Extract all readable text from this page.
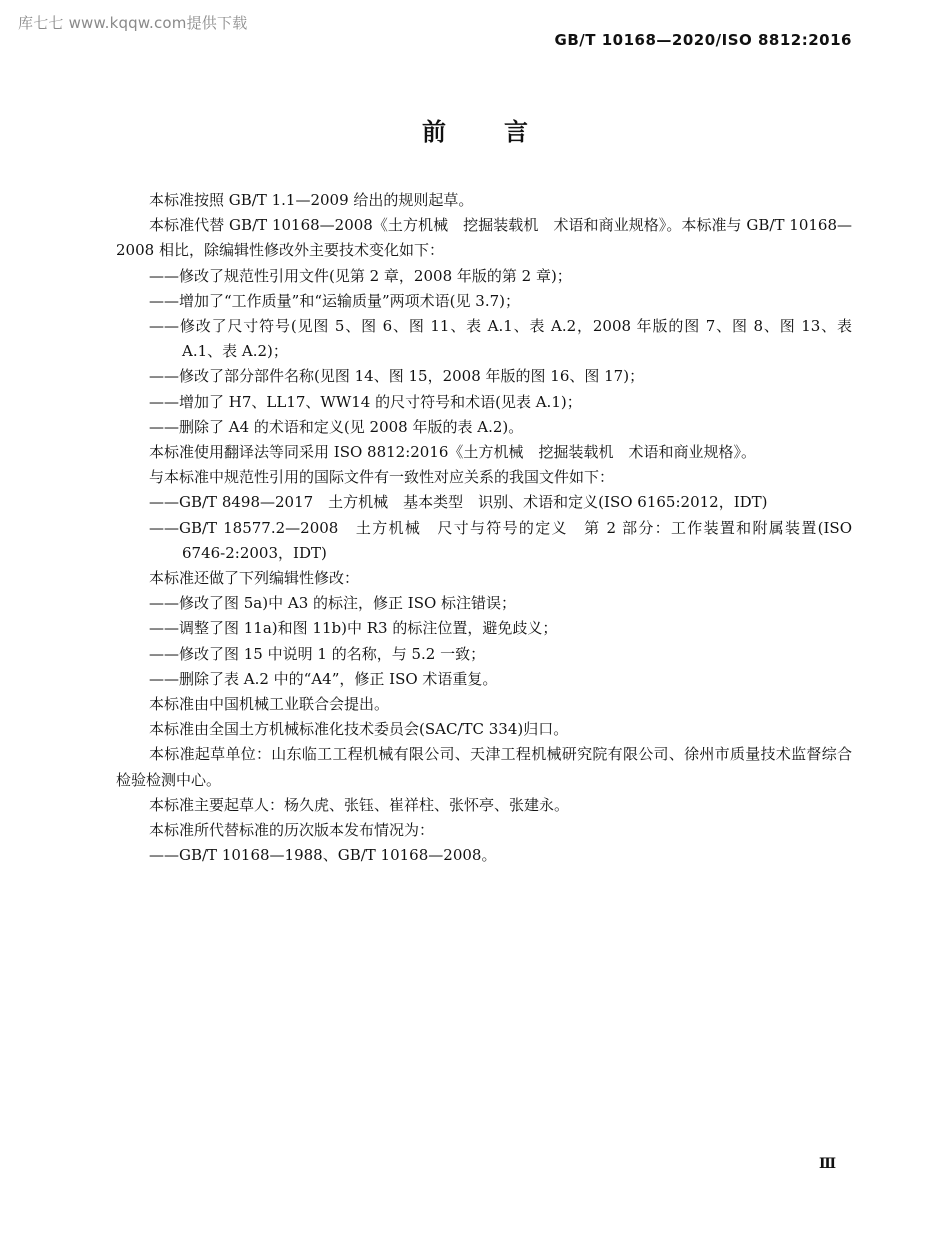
库七七 www.kqqw.com提供下载
GB/T 10168—2020/ISO 8812:2016
前言

本标准按照 GB/T 1.1—2009 给出的规则起草。

本标准代替 GB/T 10168—2008《土方机械　挖掘装载机　术语和商业规格》。本标准与 GB/T 10168—2008 相比，除编辑性修改外主要技术变化如下：

——修改了规范性引用文件(见第 2 章，2008 年版的第 2 章)；

——增加了“工作质量”和“运输质量”两项术语(见 3.7)；

——修改了尺寸符号(见图 5、图 6、图 11、表 A.1、表 A.2，2008 年版的图 7、图 8、图 13、表 A.1、表 A.2)；

——修改了部分部件名称(见图 14、图 15，2008 年版的图 16、图 17)；

——增加了 H7、LL17、WW14 的尺寸符号和术语(见表 A.1)；

——删除了 A4 的术语和定义(见 2008 年版的表 A.2)。

本标准使用翻译法等同采用 ISO 8812:2016《土方机械　挖掘装载机　术语和商业规格》。

与本标准中规范性引用的国际文件有一致性对应关系的我国文件如下：

——GB/T 8498—2017　土方机械　基本类型　识别、术语和定义(ISO 6165:2012，IDT)

——GB/T 18577.2—2008　土方机械　尺寸与符号的定义　第 2 部分：工作装置和附属装置(ISO 6746-2:2003，IDT)

本标准还做了下列编辑性修改：

——修改了图 5a)中 A3 的标注，修正 ISO 标注错误；

——调整了图 11a)和图 11b)中 R3 的标注位置，避免歧义；

——修改了图 15 中说明 1 的名称，与 5.2 一致；

——删除了表 A.2 中的“A4”，修正 ISO 术语重复。

本标准由中国机械工业联合会提出。

本标准由全国土方机械标准化技术委员会(SAC/TC 334)归口。

本标准起草单位：山东临工工程机械有限公司、天津工程机械研究院有限公司、徐州市质量技术监督综合检验检测中心。

本标准主要起草人：杨久虎、张钰、崔祥柱、张怀亭、张建永。

本标准所代替标准的历次版本发布情况为：

——GB/T 10168—1988、GB/T 10168—2008。

Ⅲ
